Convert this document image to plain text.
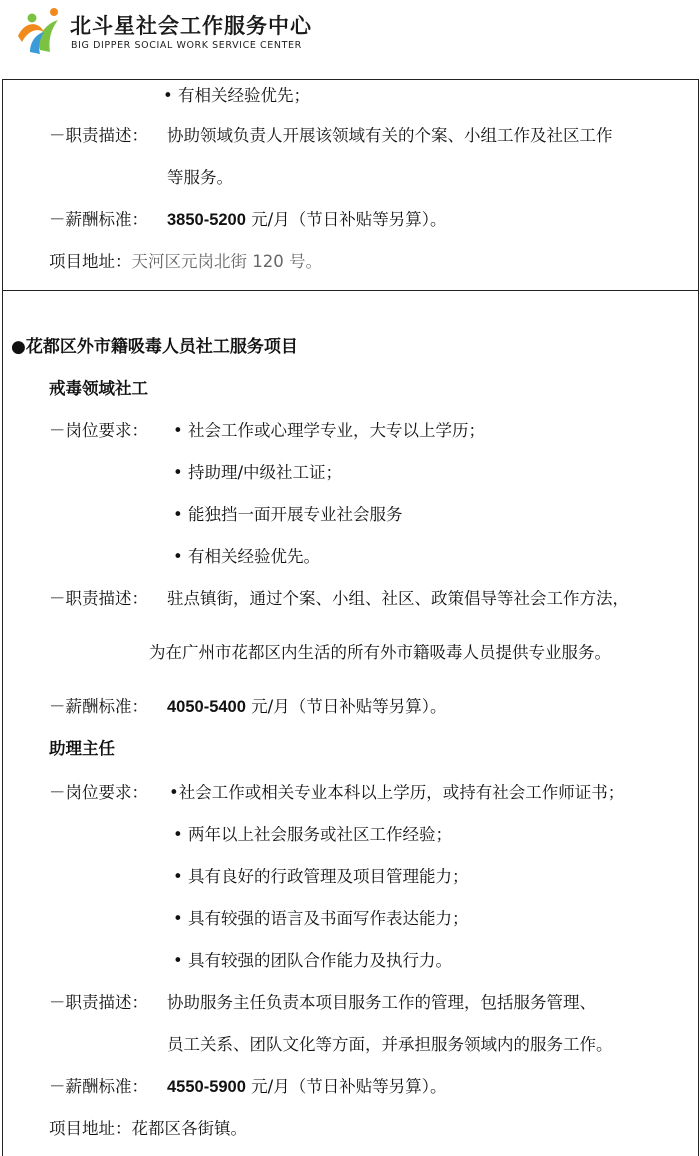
北斗星社会工作服务中心
BIG DIPPER SOCIAL WORK SERVICE CENTER
• 有相关经验优先；
－职责描述： 协助领域负责人开展该领域有关的个案、小组工作及社区工作
等服务。
－薪酬标准： 3850-5200 元/月（节日补贴等另算）。
项目地址：天河区元岗北街 120 号。
●花都区外市籍吸毒人员社工服务项目
戒毒领域社工
－岗位要求： • 社会工作或心理学专业，大专以上学历；
• 持助理/中级社工证；
• 能独挡一面开展专业社会服务
• 有相关经验优先。
－职责描述： 驻点镇街，通过个案、小组、社区、政策倡导等社会工作方法，
为在广州市花都区内生活的所有外市籍吸毒人员提供专业服务。
－薪酬标准： 4050-5400 元/月（节日补贴等另算）。
助理主任
－岗位要求： •社会工作或相关专业本科以上学历，或持有社会工作师证书；
• 两年以上社会服务或社区工作经验；
• 具有良好的行政管理及项目管理能力；
• 具有较强的语言及书面写作表达能力；
• 具有较强的团队合作能力及执行力。
－职责描述： 协助服务主任负责本项目服务工作的管理，包括服务管理、
员工关系、团队文化等方面，并承担服务领域内的服务工作。
－薪酬标准： 4550-5900 元/月（节日补贴等另算）。
项目地址：花都区各街镇。
